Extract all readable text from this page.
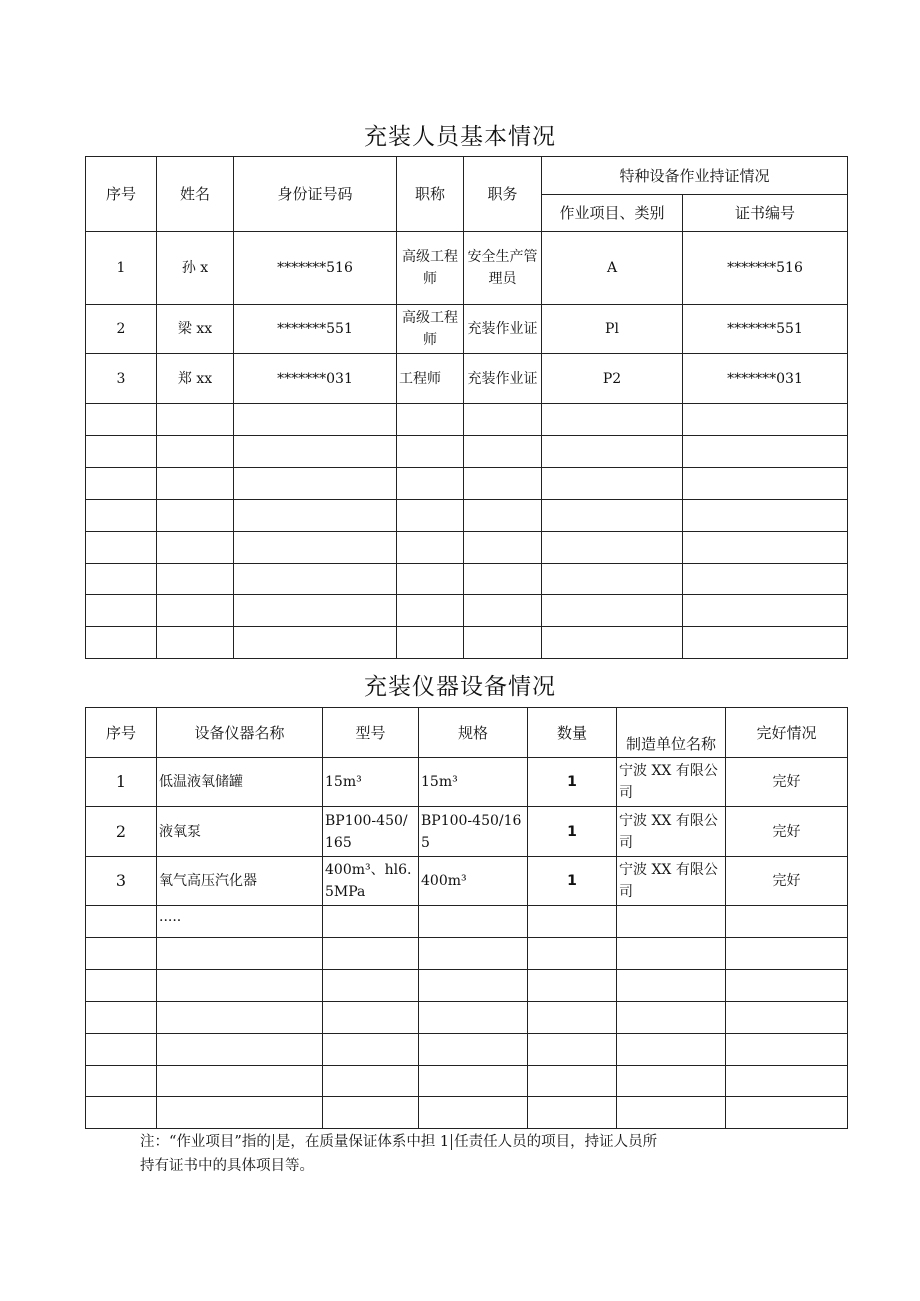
充装人员基本情况
序号	姓名	身份证号码	职称	职务	特种设备作业持证情况	
					作业项目、类别	证书编号
1	孙 x	*******516	高级工程师	安全生产管理员	A	*******516
2	梁 xx	*******551	高级工程师	充装作业证	Pl	*******551
3	郑 xx	*******031	工程师	充装作业证	P2	*******031

充装仪器设备情况
序号	设备仪器名称	型号	规格	数量	制造单位名称	完好情况
1	低温液氧储罐	15m³	15m³	1	宁波 XX 有限公司	完好
2	液氧泵	BP100-450/165	BP100-450/165	1	宁波 XX 有限公司	完好
3	氧气高压汽化器	400m³、hl6.5MPa	400m³	1	宁波 XX 有限公司	完好
	.....					

注：“作业项目”指的 是，在质量保证体系中担 1 任责任人员的项目，持证人员所
持有证书中的具体项目等。
